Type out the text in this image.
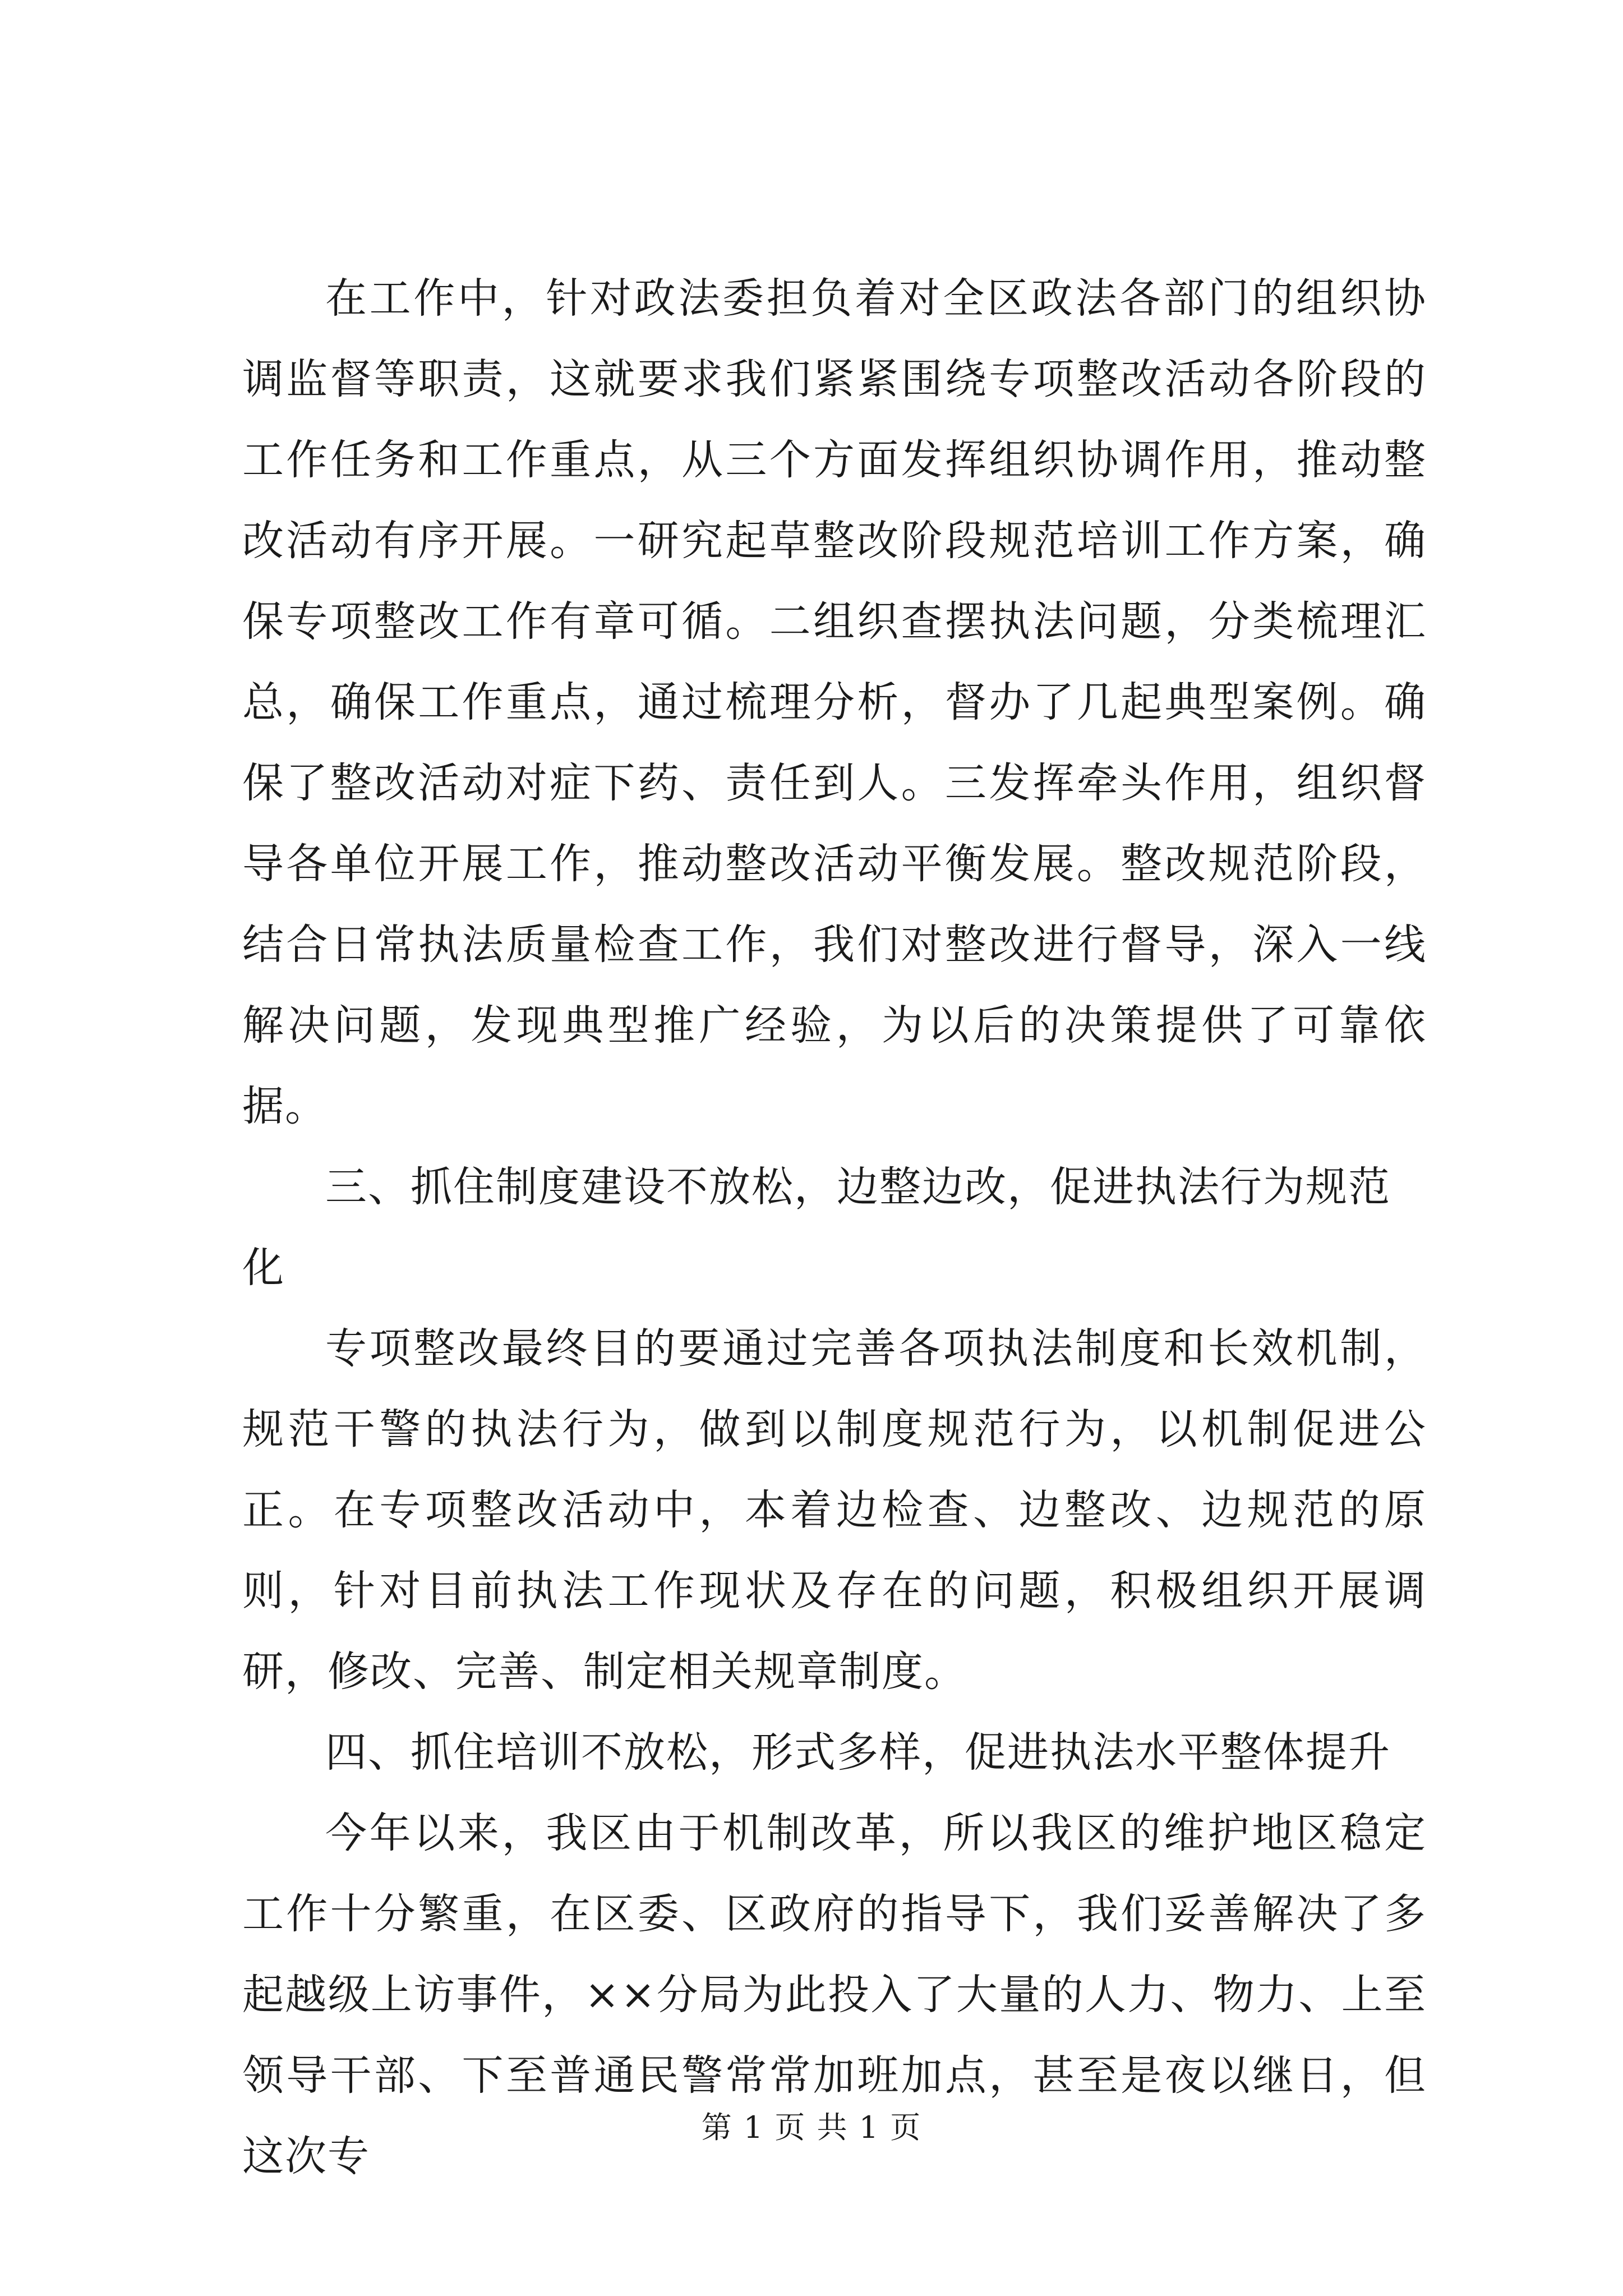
在工作中，针对政法委担负着对全区政法各部门的组织协调监督等职责，这就要求我们紧紧围绕专项整改活动各阶段的工作任务和工作重点，从三个方面发挥组织协调作用，推动整改活动有序开展。一研究起草整改阶段规范培训工作方案，确保专项整改工作有章可循。二组织查摆执法问题，分类梳理汇总，确保工作重点，通过梳理分析，督办了几起典型案例。确保了整改活动对症下药、责任到人。三发挥牵头作用，组织督导各单位开展工作，推动整改活动平衡发展。整改规范阶段，结合日常执法质量检查工作，我们对整改进行督导，深入一线解决问题，发现典型推广经验，为以后的决策提供了可靠依据。

三、抓住制度建设不放松，边整边改，促进执法行为规范化

专项整改最终目的要通过完善各项执法制度和长效机制，规范干警的执法行为，做到以制度规范行为，以机制促进公正。在专项整改活动中，本着边检查、边整改、边规范的原则，针对目前执法工作现状及存在的问题，积极组织开展调研，修改、完善、制定相关规章制度。

四、抓住培训不放松，形式多样，促进执法水平整体提升

今年以来，我区由于机制改革，所以我区的维护地区稳定工作十分繁重，在区委、区政府的指导下，我们妥善解决了多起越级上访事件，××分局为此投入了大量的人力、物力、上至领导干部、下至普通民警常常加班加点，甚至是夜以继日，但这次专

第 1 页 共 1 页
